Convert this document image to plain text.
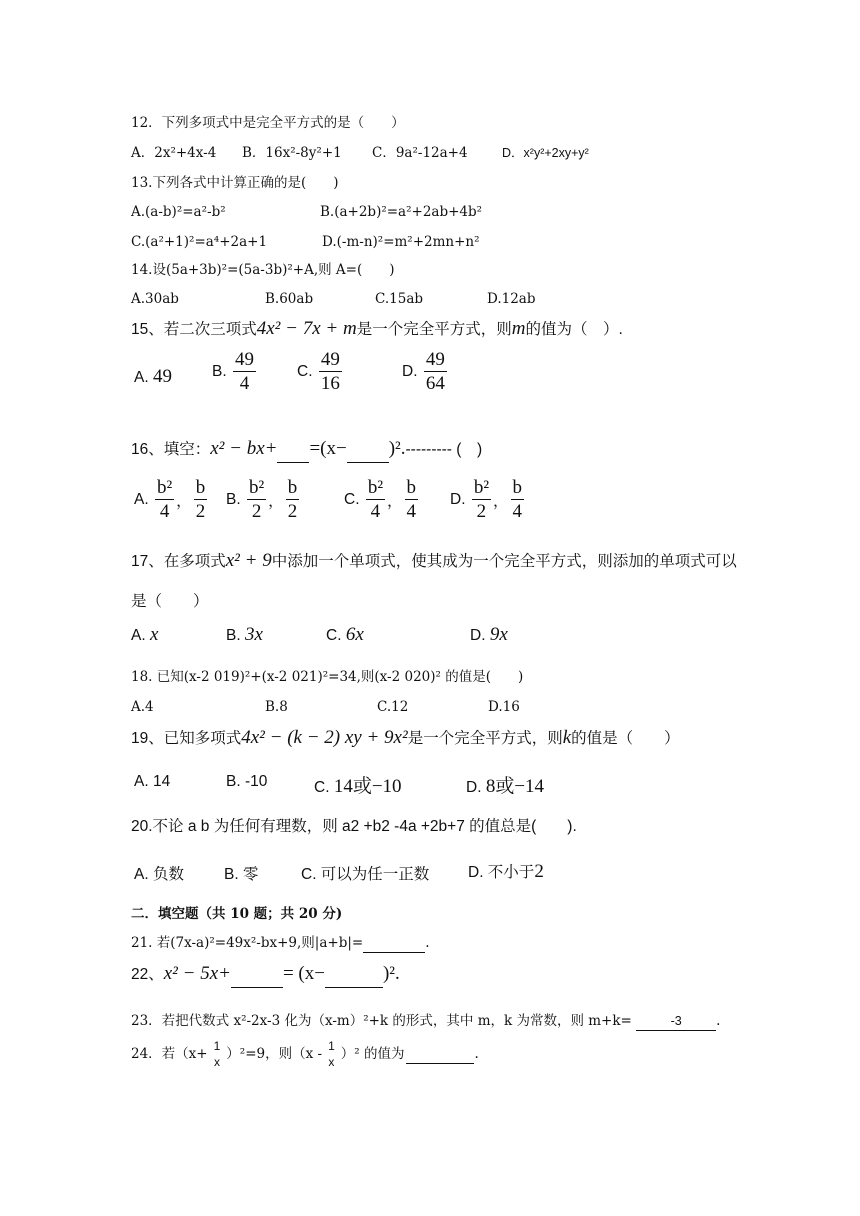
12．下列多项式中是完全平方式的是（　　）
A．2x²+4x-4 B．16x²-8y²+1 C．9a²-12a+4	D．x²y²+2xy+y²
13.下列各式中计算正确的是(　　)
A.(a-b)²=a²-b²	B.(a+2b)²=a²+2ab+4b²
C.(a²+1)²=a⁴+2a+1	D.(-m-n)²=m²+2mn+n²
14.设(5a+3b)²=(5a-3b)²+A,则 A=(　　)
A.30ab	B.60ab	C.15ab	D.12ab
15、若二次三项式4x² − 7x + m是一个完全平方式，则m的值为（　）.
A. 49	B.
$\frac{49}{4}$	C.
$\frac{49}{16}$	D.
$\frac{49}{64}$
16、填空：x² − bx+ =(x− )².--------- (　)
A.
$\frac{\text{b²}}{4}$ ， $\frac{b}{2} B$.
$\frac{\text{b²}}{2}$ ， $\frac{b}{2}$	C.
$\frac{\text{b²}}{4}$ ， $\frac{b}{4} D$.
$\frac{\text{b²}}{2}$ ， $\frac{b}{4}$
17、在多项式x² + 9中添加一个单项式，使其成为一个完全平方式，则添加的单项式可以
是（　　）
A. x	B. 3x	C. 6x	D. 9x
18. 已知(x-2 019)²+(x-2 021)²=34,则(x-2 020)² 的值是(　　)
A.4	B.8	C.12	D.16
19、已知多项式4x² − (k − 2) xy + 9x²是一个完全平方式，则k的值是（　　）
A. 14	B. -10	C. 14或−10	D. 8或−14
20.不论 a b 为任何有理数，则 a2 +b2 -4a +2b+7 的值总是(　　).
A. 负数	B. 零	C. 可以为任一正数 D. 不小于2
二．填空题（共 10 题；共 20 分)
21. 若(7x-a)²=49x²-bx+9,则|a+b|=	.
22、x² − 5x+	= (x−	)².
23．若把代数式 x²-2x-3 化为（x-m）²+k 的形式，其中 m，k 为常数，则 m+k=	-3	.
24．若（x+ 1
x ）²=9，则（x - 1
x ）² 的值为
	.
